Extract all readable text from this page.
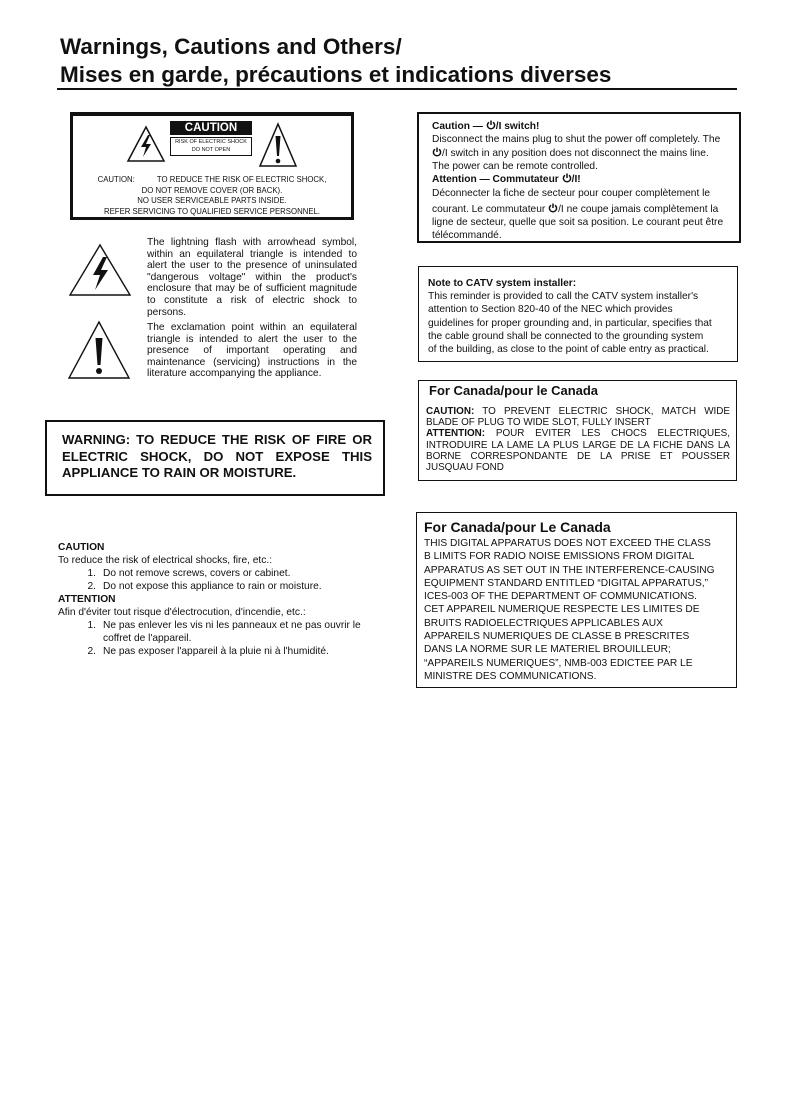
Warnings, Cautions and Others/
Mises en garde, précautions et indications diverses
CAUTION
RISK OF ELECTRIC SHOCK
DO NOT OPEN
CAUTION:	TO REDUCE THE RISK OF ELECTRIC SHOCK,
DO NOT REMOVE COVER (OR BACK).
NO USER SERVICEABLE PARTS INSIDE.
REFER SERVICING TO QUALIFIED SERVICE PERSONNEL.
The lightning flash with arrowhead symbol, within an equilateral triangle is intended to alert the user to the presence of uninsulated "dangerous voltage" within the product's enclosure that may be of sufficient magnitude to constitute a risk of electric shock to persons.
The exclamation point within an equilateral triangle is intended to alert the user to the presence of important operating and maintenance (servicing) instructions in the literature accompanying the appliance.
WARNING: TO REDUCE THE RISK OF FIRE OR ELECTRIC SHOCK, DO NOT EXPOSE THIS APPLIANCE TO RAIN OR MOISTURE.
CAUTION
To reduce the risk of electrical shocks, fire, etc.:
1. Do not remove screws, covers or cabinet.
2. Do not expose this appliance to rain or moisture.
ATTENTION
Afin d'éviter tout risque d'électrocution, d'incendie, etc.:
1. Ne pas enlever les vis ni les panneaux et ne pas ouvrir le coffret de l'appareil.
2. Ne pas exposer l'appareil à la pluie ni à l'humidité.
Caution — /I switch!
Disconnect the mains plug to shut the power off completely. The
/I switch in any position does not disconnect the mains line.
The power can be remote controlled.
Attention — Commutateur /I!
Déconnecter la fiche de secteur pour couper complètement le
courant. Le commutateur /I ne coupe jamais complètement la
ligne de secteur, quelle que soit sa position. Le courant peut être
télécommandé.
Note to CATV system installer:
This reminder is provided to call the CATV system installer's
attention to Section 820-40 of the NEC which provides
guidelines for proper grounding and, in particular, specifies that
the cable ground shall be connected to the grounding system
of the building, as close to the point of cable entry as practical.
For Canada/pour le Canada
CAUTION: TO PREVENT ELECTRIC SHOCK, MATCH WIDE BLADE OF PLUG TO WIDE SLOT, FULLY INSERT
ATTENTION: POUR EVITER LES CHOCS ELECTRIQUES, INTRODUIRE LA LAME LA PLUS LARGE DE LA FICHE DANS LA BORNE CORRESPONDANTE DE LA PRISE ET POUSSER JUSQUAU FOND
For Canada/pour Le Canada
THIS DIGITAL APPARATUS DOES NOT EXCEED THE CLASS
B LIMITS FOR RADIO NOISE EMISSIONS FROM DIGITAL
APPARATUS AS SET OUT IN THE INTERFERENCE-CAUSING
EQUIPMENT STANDARD ENTITLED “DIGITAL APPARATUS,”
ICES-003 OF THE DEPARTMENT OF COMMUNICATIONS.
CET APPAREIL NUMERIQUE RESPECTE LES LIMITES DE
BRUITS RADIOELECTRIQUES APPLICABLES AUX
APPAREILS NUMERIQUES DE CLASSE B PRESCRITES
DANS LA NORME SUR LE MATERIEL BROUILLEUR;
“APPAREILS NUMERIQUES”, NMB-003 EDICTEE PAR LE
MINISTRE DES COMMUNICATIONS.
